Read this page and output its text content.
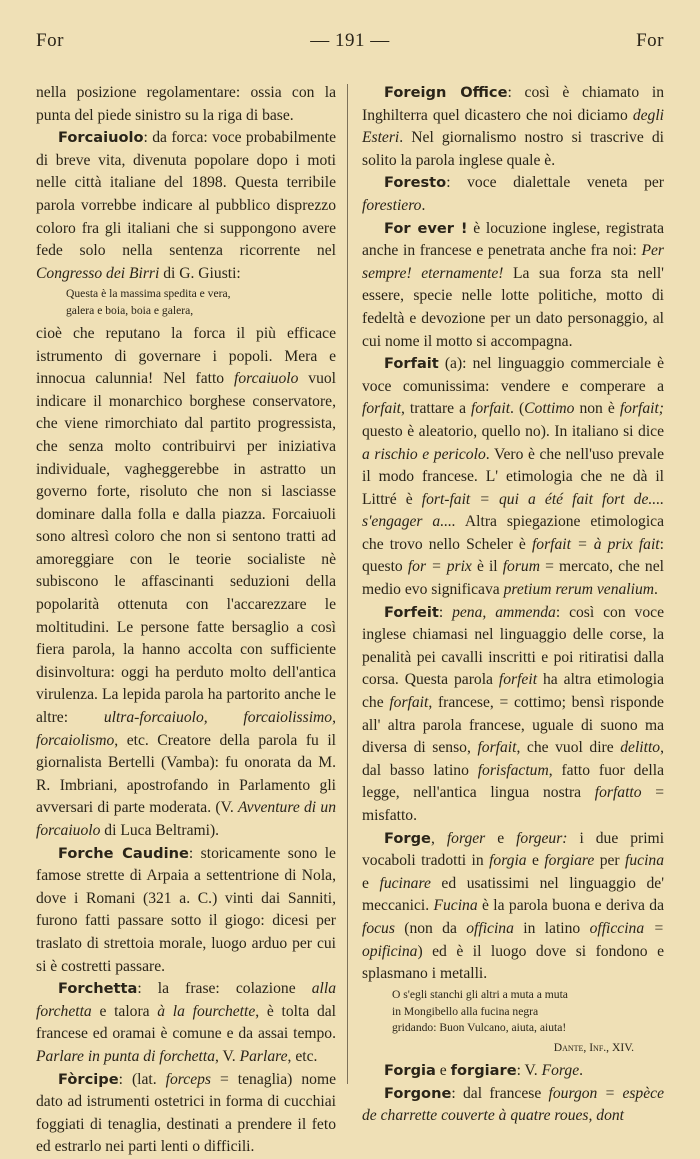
For	— 191 —	For

nella posizione regolamentare: ossia con la punta del piede sinistro su la riga di base.

Forcaiuolo: da forca: voce probabilmente di breve vita, divenuta popolare dopo i moti nelle città italiane del 1898. Questa terribile parola vorrebbe indicare al pubblico disprezzo coloro fra gli italiani che si suppongono avere fede solo nella sentenza ricorrente nel Congresso dei Birri di G. Giusti:

Questa è la massima spedita e vera,
galera e boia, boia e galera,

cioè che reputano la forca il più efficace istrumento di governare i popoli. Mera e innocua calunnia! Nel fatto forcaiuolo vuol indicare il monarchico borghese conservatore, che viene rimorchiato dal partito progressista, che senza molto contribuirvi per iniziativa individuale, vagheggerebbe in astratto un governo forte, risoluto che non si lasciasse dominare dalla folla e dalla piazza. Forcaiuoli sono altresì coloro che non si sentono tratti ad amoreggiare con le teorie socialiste nè subiscono le affascinanti seduzioni della popolarità ottenuta con l'accarezzare le moltitudini. Le persone fatte bersaglio a così fiera parola, la hanno accolta con sufficiente disinvoltura: oggi ha perduto molto dell'antica virulenza. La lepida parola ha partorito anche le altre: ultra-forcaiuolo, forcaiolissimo, forcaiolismo, etc. Creatore della parola fu il giornalista Bertelli (Vamba): fu onorata da M. R. Imbriani, apostrofando in Parlamento gli avversari di parte moderata. (V. Avventure di un forcaiuolo di Luca Beltrami).

Forche Caudine: storicamente sono le famose strette di Arpaia a settentrione di Nola, dove i Romani (321 a. C.) vinti dai Sanniti, furono fatti passare sotto il giogo: dicesi per traslato di strettoia morale, luogo arduo per cui si è costretti passare.

Forchetta: la frase: colazione alla forchetta e talora à la fourchette, è tolta dal francese ed oramai è comune e da assai tempo. Parlare in punta di forchetta, V. Parlare, etc.

Fòrcipe: (lat. forceps = tenaglia) nome dato ad istrumenti ostetrici in forma di cucchiai foggiati di tenaglia, destinati a prendere il feto ed estrarlo nei parti lenti o difficili.

Foreign Office: così è chiamato in Inghilterra quel dicastero che noi diciamo degli Esteri. Nel giornalismo nostro si trascrive di solito la parola inglese quale è.

Foresto: voce dialettale veneta per forestiero.

For ever ! è locuzione inglese, registrata anche in francese e penetrata anche fra noi: Per sempre! eternamente! La sua forza sta nell' essere, specie nelle lotte politiche, motto di fedeltà e devozione per un dato personaggio, al cui nome il motto si accompagna.

Forfait (a): nel linguaggio commerciale è voce comunissima: vendere e comperare a forfait, trattare a forfait. (Cottimo non è forfait; questo è aleatorio, quello no). In italiano si dice a rischio e pericolo. Vero è che nell'uso prevale il modo francese. L' etimologia che ne dà il Littré è fort-fait = qui a été fait fort de.... s'engager a.... Altra spiegazione etimologica che trovo nello Scheler è forfait = à prix fait: questo for = prix è il forum = mercato, che nel medio evo significava pretium rerum venalium.

Forfeit: pena, ammenda: così con voce inglese chiamasi nel linguaggio delle corse, la penalità pei cavalli inscritti e poi ritiratisi dalla corsa. Questa parola forfeit ha altra etimologia che forfait, francese, = cottimo; bensì risponde all' altra parola francese, uguale di suono ma diversa di senso, forfait, che vuol dire delitto, dal basso latino forisfactum, fatto fuor della legge, nell'antica lingua nostra forfatto = misfatto.

Forge, forger e forgeur: i due primi vocaboli tradotti in forgia e forgiare per fucina e fucinare ed usatissimi nel linguaggio de' meccanici. Fucina è la parola buona e deriva da focus (non da officina in latino officcina = opificina) ed è il luogo dove si fondono e splasmano i metalli.

O s'egli stanchi gli altri a muta a muta
in Mongibello alla fucina negra
gridando: Buon Vulcano, aiuta, aiuta!
Dante, Inf., XIV.

Forgia e forgiare: V. Forge.

Forgone: dal francese fourgon = espèce de charrette couverte à quatre roues, dont
